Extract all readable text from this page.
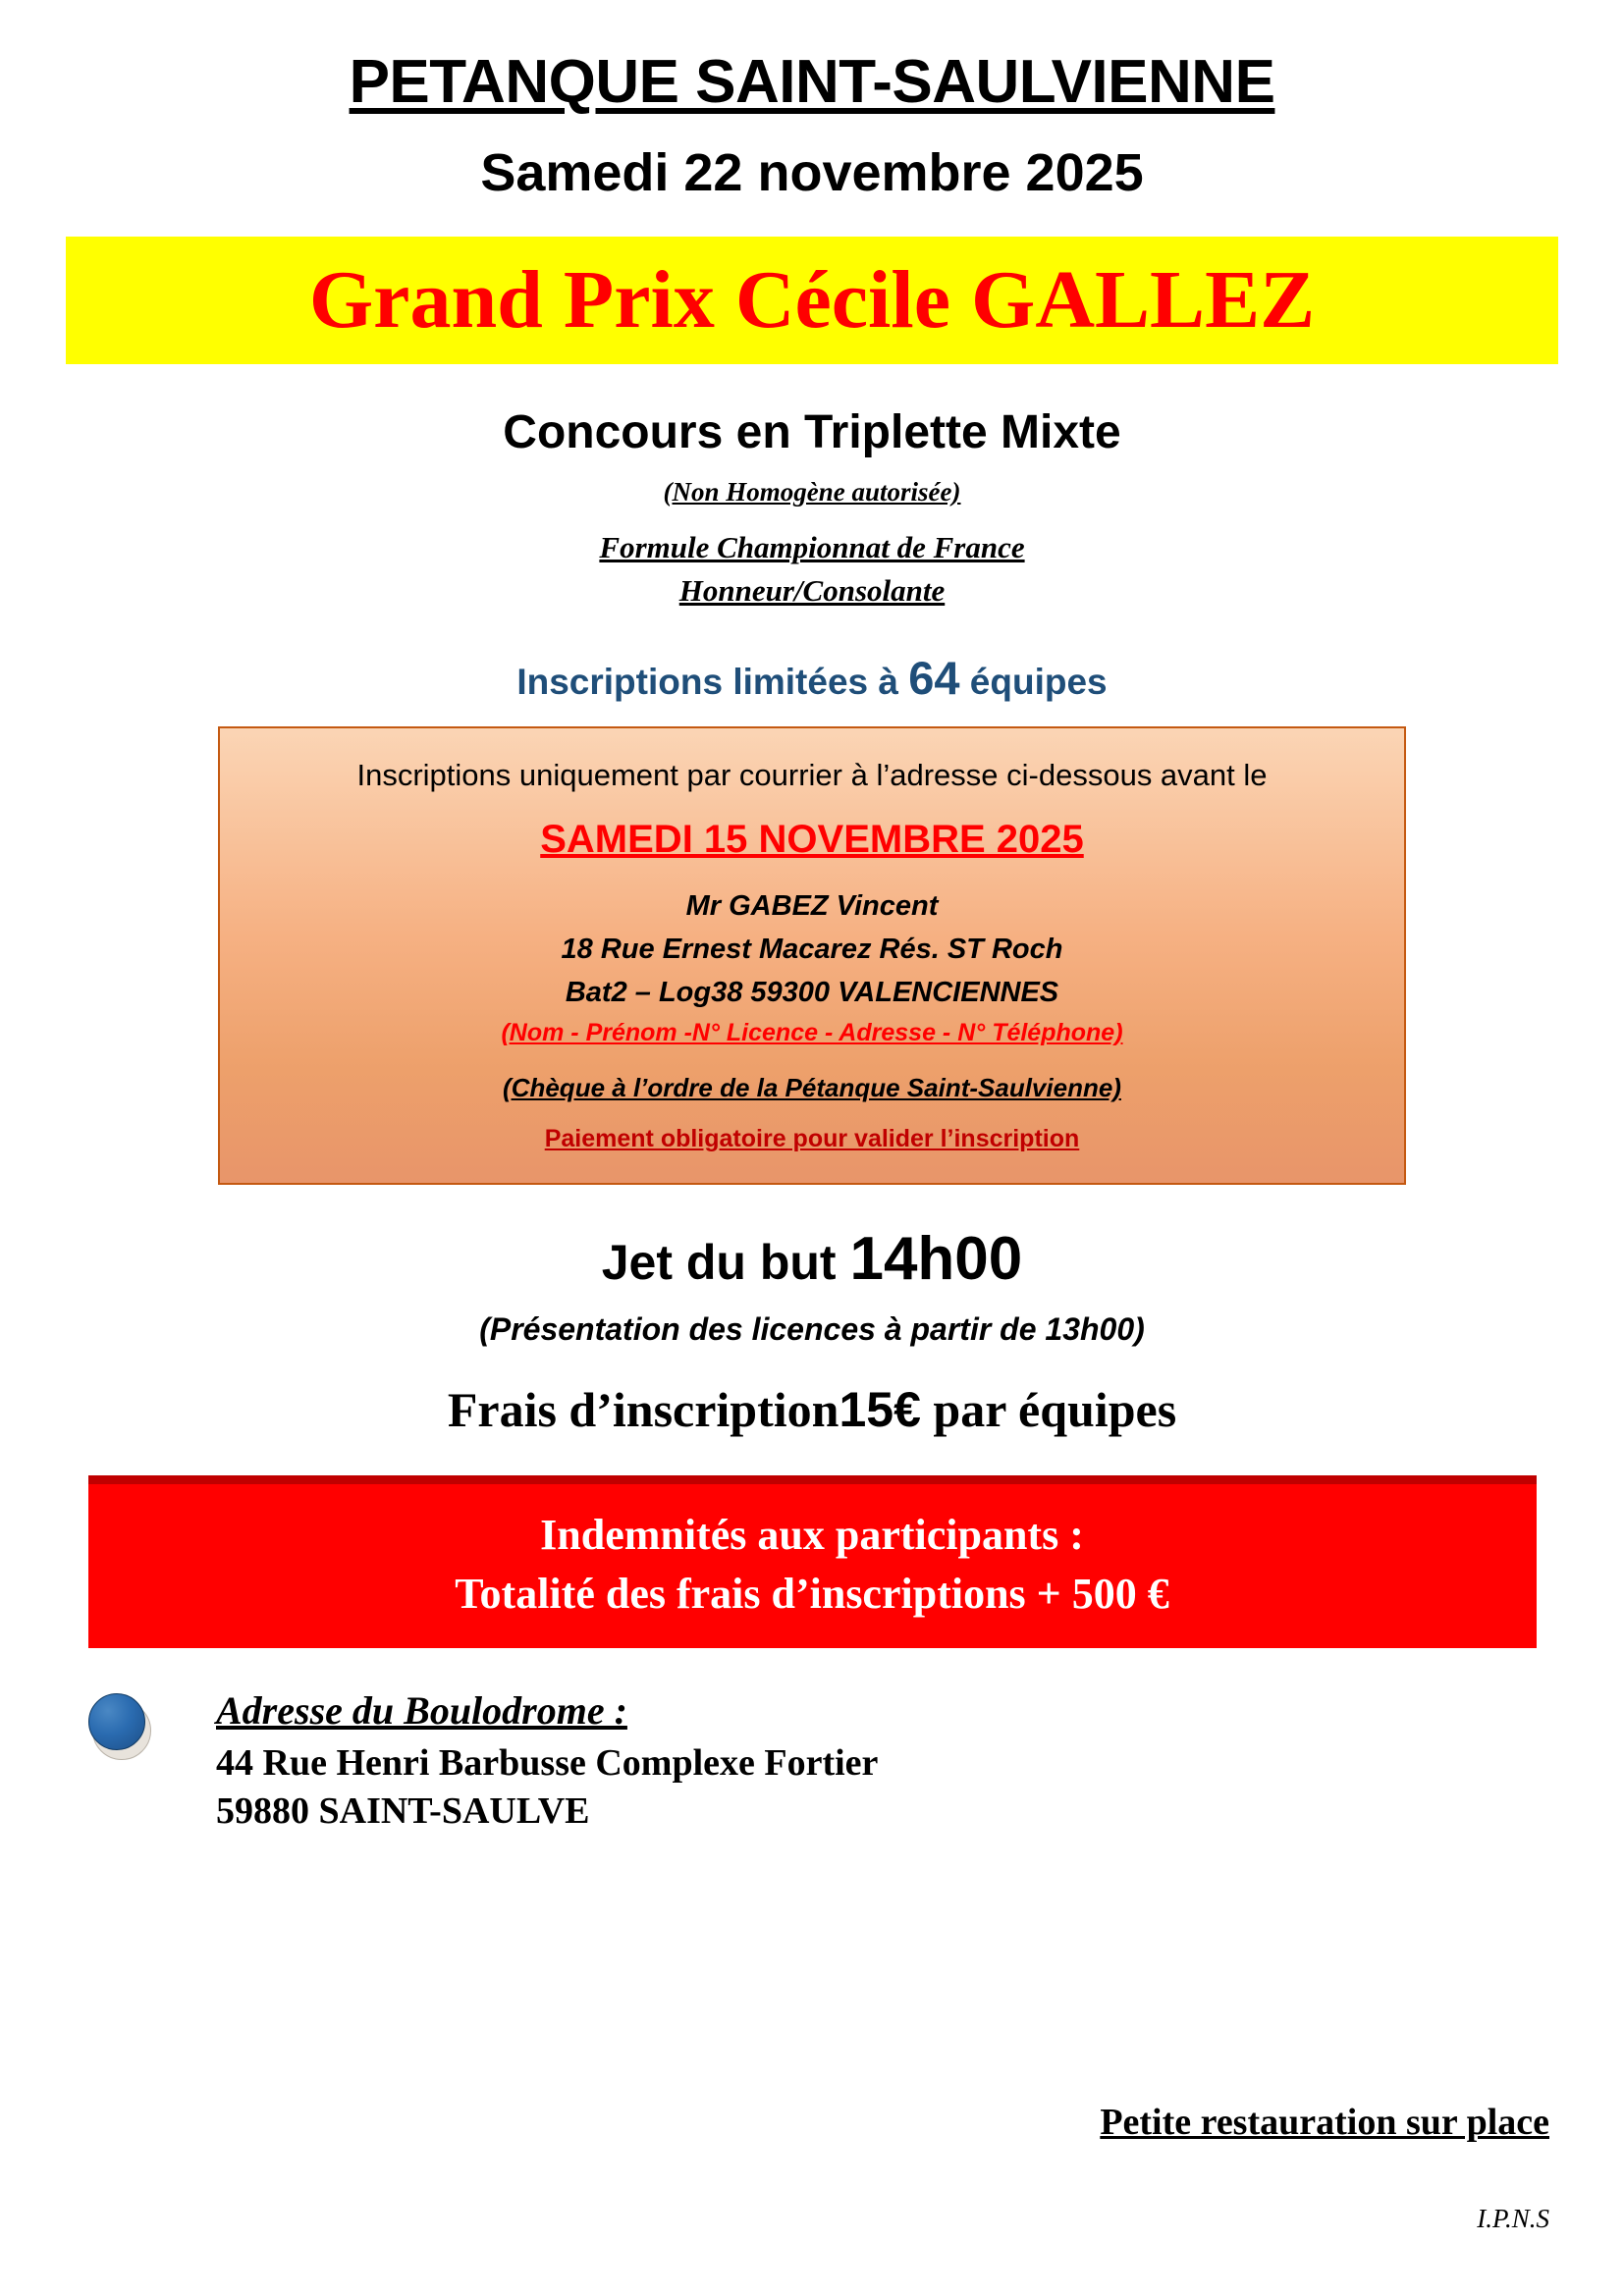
PETANQUE SAINT-SAULVIENNE
Samedi 22 novembre 2025
Grand Prix Cécile GALLEZ
Concours en Triplette Mixte
(Non Homogène autorisée)
Formule Championnat de France
Honneur/Consolante
Inscriptions limitées à 64 équipes
Inscriptions uniquement par courrier à l’adresse ci-dessous avant le
SAMEDI 15 NOVEMBRE 2025
Mr GABEZ Vincent
18 Rue Ernest Macarez Rés. ST Roch
Bat2 – Log38 59300 VALENCIENNES
(Nom - Prénom -N° Licence - Adresse - N° Téléphone)
(Chèque à l’ordre de la Pétanque Saint-Saulvienne)
Paiement obligatoire pour valider l’inscription
Jet du but 14h00
(Présentation des licences à partir de 13h00)
Frais d’inscription15€ par équipes
Indemnités aux participants :
Totalité des frais d’inscriptions + 500 €
Adresse du Boulodrome :
44 Rue Henri Barbusse Complexe Fortier
59880 SAINT-SAULVE
Petite restauration sur place
I.P.N.S
